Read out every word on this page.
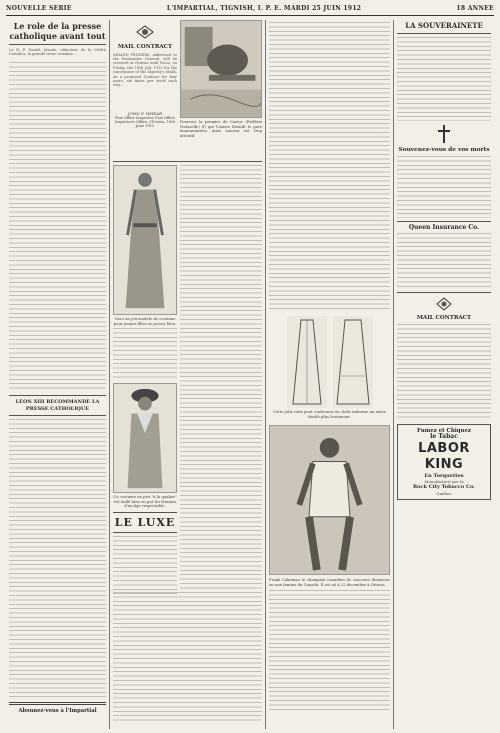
NOUVELLE SERIE	L'IMPARTIAL, TIGNISH, I. P. E. MARDI 25 JUIN 1912	18 ANNEE
Le role de la presse catholique avant tout
Le R. P. Daniel, jésuite, rédacteur de la Civiltà Cattolica, la grande revue romaine...
LEON XIII RECOMMANDE LA PRESSE CATHOLIQUE
Abonnez-vous à l'Impartial
MAIL CONTRACT
SEALED TENDERS, addressed to the Postmaster General, will be received at Ottawa until Noon, on Friday, the 19th July 1912 for the conveyance of His Majesty's Mails, on a proposed Contract for four years, six times per week each way...
JOHN F. WHEAR
Post Office Inspector. Post Office Inspector's Office, Ch'town, 10th June 1912
Pourvoir la premier de Castor (Parlbriz Naturelle) 8) qui l'année blendit le gare montantantes, mais Laurier est trop attentif.
Voici un joli modele de costume pour jeunes filles en jersey bleu.
Ce costume un peu "à la quaker" est taillé bien en par les femmes d'un âge respectable.
LE LUXE
Cette jolie robe peut s'adresser en châle inderme un autre drafté plus lentement.
Frank Lukeman le champion canadien de concours distances en une femme du Canada. Il est né à 22 decembre à Ottawa.
LA SOUVERAINETE
Souvenez-vous de vos morts
Queen Insurance Co.
MAIL CONTRACT
Fumez et Chiquez
le Tabac
LABOR KING
En Torquettes
Manufacturé par la
Rock City Tobacco Co.
Québec
